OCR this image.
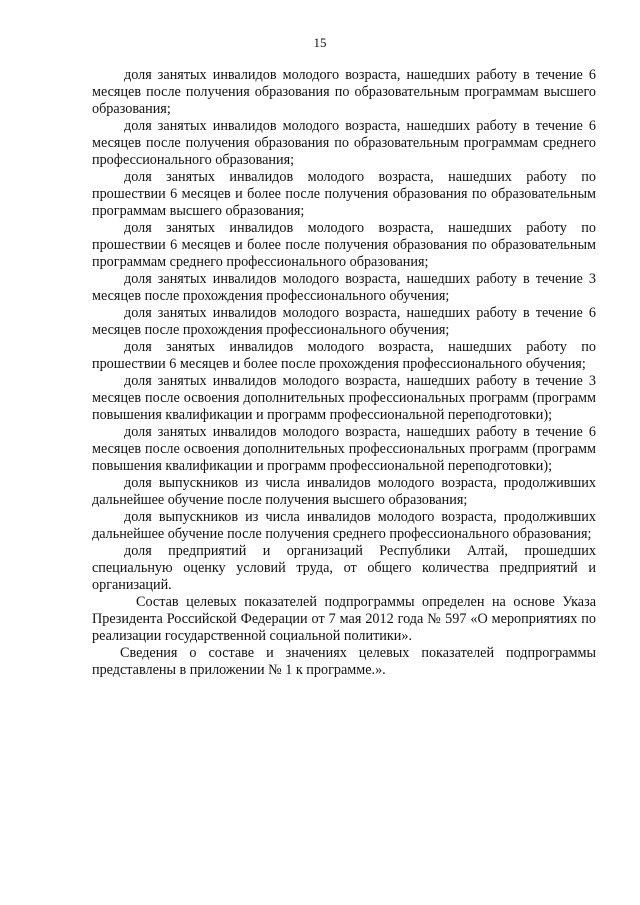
15

доля занятых инвалидов молодого возраста, нашедших работу в течение 6 месяцев после получения образования по образовательным программам высшего образования;

доля занятых инвалидов молодого возраста, нашедших работу в течение 6 месяцев после получения образования по образовательным программам среднего профессионального образования;

доля занятых инвалидов молодого возраста, нашедших работу по прошествии 6 месяцев и более после получения образования по образовательным программам высшего образования;

доля занятых инвалидов молодого возраста, нашедших работу по прошествии 6 месяцев и более после получения образования по образовательным программам среднего профессионального образования;

доля занятых инвалидов молодого возраста, нашедших работу в течение 3 месяцев после прохождения профессионального обучения;

доля занятых инвалидов молодого возраста, нашедших работу в течение 6 месяцев после прохождения профессионального обучения;

доля занятых инвалидов молодого возраста, нашедших работу по прошествии 6 месяцев и более после прохождения профессионального обучения;

доля занятых инвалидов молодого возраста, нашедших работу в течение 3 месяцев после освоения дополнительных профессиональных программ (программ повышения квалификации и программ профессиональной переподготовки);

доля занятых инвалидов молодого возраста, нашедших работу в течение 6 месяцев после освоения дополнительных профессиональных программ (программ повышения квалификации и программ профессиональной переподготовки);

доля выпускников из числа инвалидов молодого возраста, продолживших дальнейшее обучение после получения высшего образования;

доля выпускников из числа инвалидов молодого возраста, продолживших дальнейшее обучение после получения среднего профессионального образования;

доля предприятий и организаций Республики Алтай, прошедших специальную оценку условий труда, от общего количества предприятий и организаций.

Состав целевых показателей подпрограммы определен на основе Указа Президента Российской Федерации от 7 мая 2012 года № 597 «О мероприятиях по реализации государственной социальной политики».

Сведения о составе и значениях целевых показателей подпрограммы представлены в приложении № 1 к программе.».
